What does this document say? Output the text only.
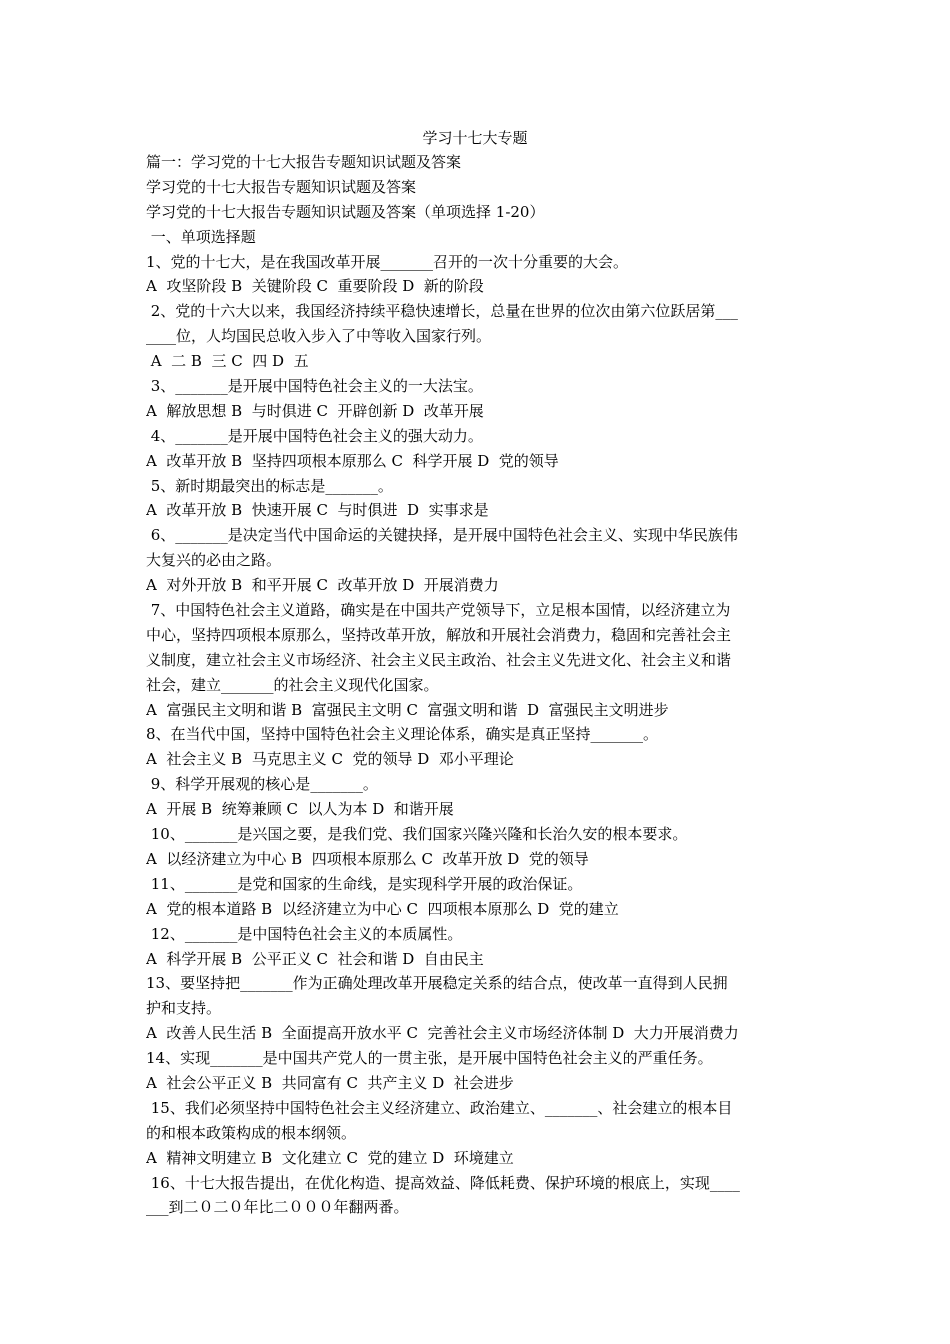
学习十七大专题
篇一：学习党的十七大报告专题知识试题及答案
学习党的十七大报告专题知识试题及答案
学习党的十七大报告专题知识试题及答案（单项选择 1-20）
一、单项选择题
1、党的十七大，是在我国改革开展_______召开的一次十分重要的大会。
A  攻坚阶段 B  关键阶段 C  重要阶段 D  新的阶段
2、党的十六大以来，我国经济持续平稳快速增长，总量在世界的位次由第六位跃居第___
____位，人均国民总收入步入了中等收入国家行列。
A  二 B  三 C  四 D  五
3、_______是开展中国特色社会主义的一大法宝。
A  解放思想 B  与时俱进 C  开辟创新 D  改革开展
4、_______是开展中国特色社会主义的强大动力。
A  改革开放 B  坚持四项根本原那么 C  科学开展 D  党的领导
5、新时期最突出的标志是_______。
A  改革开放 B  快速开展 C  与时俱进  D  实事求是
6、_______是决定当代中国命运的关键抉择，是开展中国特色社会主义、实现中华民族伟
大复兴的必由之路。
A  对外开放 B  和平开展 C  改革开放 D  开展消费力
7、中国特色社会主义道路，确实是在中国共产党领导下，立足根本国情，以经济建立为
中心，坚持四项根本原那么，坚持改革开放，解放和开展社会消费力，稳固和完善社会主
义制度，建立社会主义市场经济、社会主义民主政治、社会主义先进文化、社会主义和谐
社会，建立_______的社会主义现代化国家。
A  富强民主文明和谐 B  富强民主文明 C  富强文明和谐  D  富强民主文明进步
8、在当代中国，坚持中国特色社会主义理论体系，确实是真正坚持_______。
A  社会主义 B  马克思主义 C  党的领导 D  邓小平理论
9、科学开展观的核心是_______。
A  开展 B  统筹兼顾 C  以人为本 D  和谐开展
10、_______是兴国之要，是我们党、我们国家兴隆兴隆和长治久安的根本要求。
A  以经济建立为中心 B  四项根本原那么 C  改革开放 D  党的领导
11、_______是党和国家的生命线，是实现科学开展的政治保证。
A  党的根本道路 B  以经济建立为中心 C  四项根本原那么 D  党的建立
12、_______是中国特色社会主义的本质属性。
A  科学开展 B  公平正义 C  社会和谐 D  自由民主
13、要坚持把_______作为正确处理改革开展稳定关系的结合点，使改革一直得到人民拥
护和支持。
A  改善人民生活 B  全面提高开放水平 C  完善社会主义市场经济体制 D  大力开展消费力
14、实现_______是中国共产党人的一贯主张，是开展中国特色社会主义的严重任务。
A  社会公平正义 B  共同富有 C  共产主义 D  社会进步
15、我们必须坚持中国特色社会主义经济建立、政治建立、_______、社会建立的根本目
的和根本政策构成的根本纲领。
A  精神文明建立 B  文化建立 C  党的建立 D  环境建立
16、十七大报告提出，在优化构造、提高效益、降低耗费、保护环境的根底上，实现____
___到二０二０年比二０００年翻两番。
